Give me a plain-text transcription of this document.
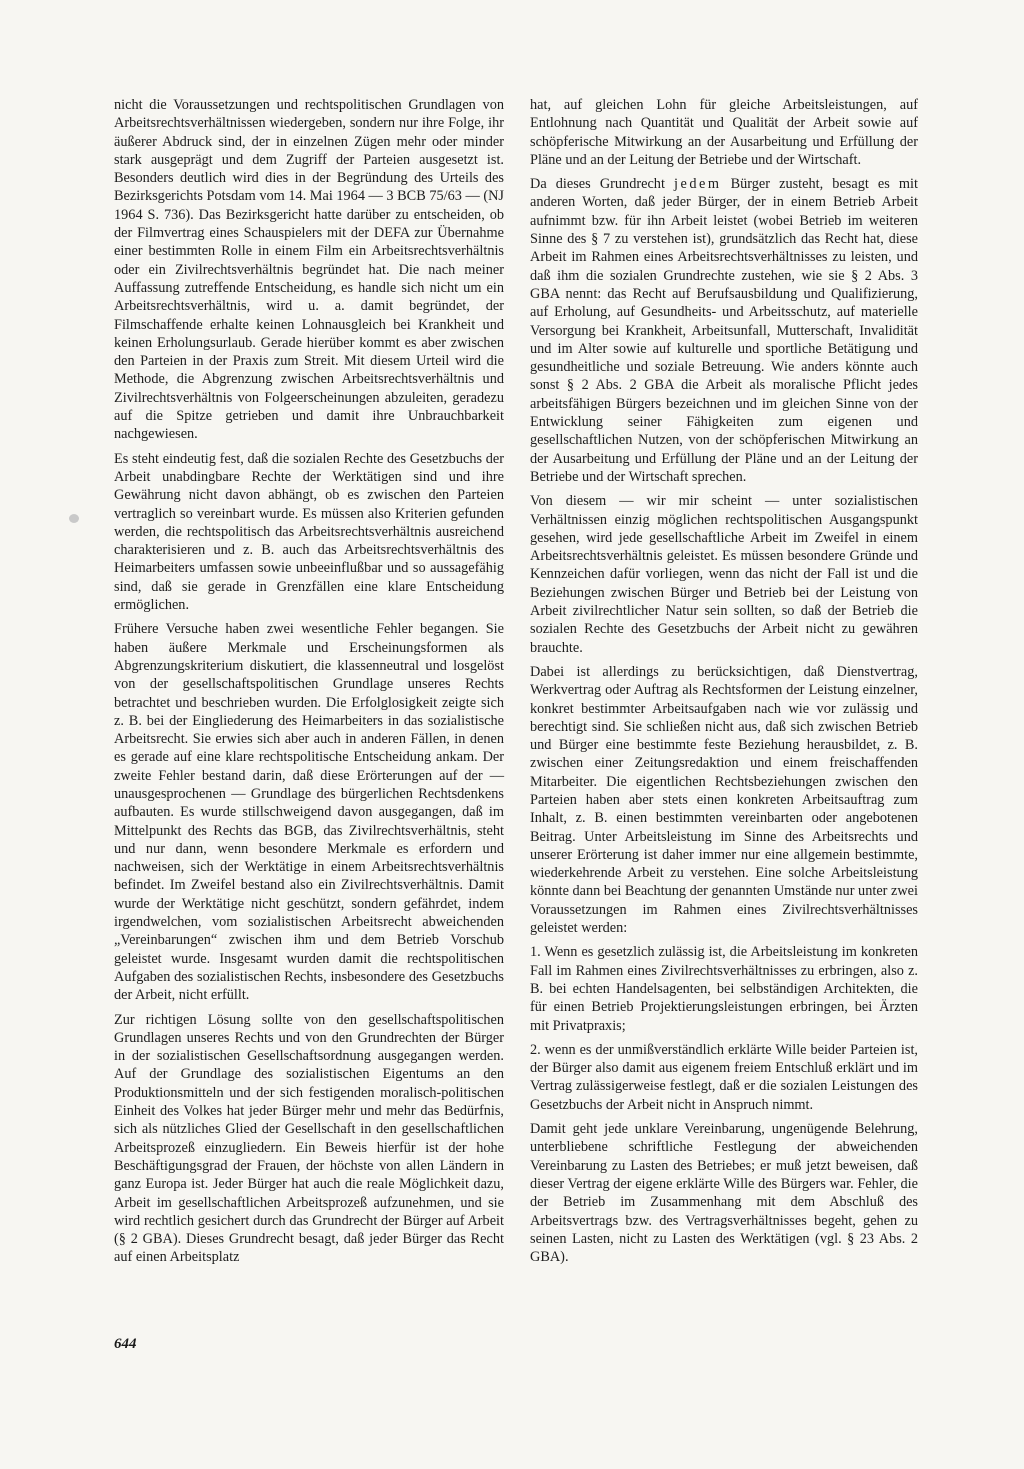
nicht die Voraussetzungen und rechtspolitischen Grundlagen von Arbeitsrechtsverhältnissen wiedergeben, sondern nur ihre Folge, ihr äußerer Abdruck sind, der in einzelnen Zügen mehr oder minder stark ausgeprägt und dem Zugriff der Parteien ausgesetzt ist. Besonders deutlich wird dies in der Begründung des Urteils des Bezirksgerichts Potsdam vom 14. Mai 1964 — 3 BCB 75/63 — (NJ 1964 S. 736). Das Bezirksgericht hatte darüber zu entscheiden, ob der Filmvertrag eines Schauspielers mit der DEFA zur Übernahme einer bestimmten Rolle in einem Film ein Arbeitsrechtsverhältnis oder ein Zivilrechtsverhältnis begründet hat. Die nach meiner Auffassung zutreffende Entscheidung, es handle sich nicht um ein Arbeitsrechtsverhältnis, wird u. a. damit begründet, der Filmschaffende erhalte keinen Lohnausgleich bei Krankheit und keinen Erholungsurlaub. Gerade hierüber kommt es aber zwischen den Parteien in der Praxis zum Streit. Mit diesem Urteil wird die Methode, die Abgrenzung zwischen Arbeitsrechtsverhältnis und Zivilrechtsverhältnis von Folgeerscheinungen abzuleiten, geradezu auf die Spitze getrieben und damit ihre Unbrauchbarkeit nachgewiesen.

Es steht eindeutig fest, daß die sozialen Rechte des Gesetzbuchs der Arbeit unabdingbare Rechte der Werktätigen sind und ihre Gewährung nicht davon abhängt, ob es zwischen den Parteien vertraglich so vereinbart wurde. Es müssen also Kriterien gefunden werden, die rechtspolitisch das Arbeitsrechtsverhältnis ausreichend charakterisieren und z. B. auch das Arbeitsrechtsverhältnis des Heimarbeiters umfassen sowie unbeeinflußbar und so aussagefähig sind, daß sie gerade in Grenzfällen eine klare Entscheidung ermöglichen.

Frühere Versuche haben zwei wesentliche Fehler begangen. Sie haben äußere Merkmale und Erscheinungsformen als Abgrenzungskriterium diskutiert, die klassenneutral und losgelöst von der gesellschaftspolitischen Grundlage unseres Rechts betrachtet und beschrieben wurden. Die Erfolglosigkeit zeigte sich z. B. bei der Eingliederung des Heimarbeiters in das sozialistische Arbeitsrecht. Sie erwies sich aber auch in anderen Fällen, in denen es gerade auf eine klare rechtspolitische Entscheidung ankam. Der zweite Fehler bestand darin, daß diese Erörterungen auf der — unausgesprochenen — Grundlage des bürgerlichen Rechtsdenkens aufbauten. Es wurde stillschweigend davon ausgegangen, daß im Mittelpunkt des Rechts das BGB, das Zivilrechtsverhältnis, steht und nur dann, wenn besondere Merkmale es erfordern und nachweisen, sich der Werktätige in einem Arbeitsrechtsverhältnis befindet. Im Zweifel bestand also ein Zivilrechtsverhältnis. Damit wurde der Werktätige nicht geschützt, sondern gefährdet, indem irgendwelchen, vom sozialistischen Arbeitsrecht abweichenden „Vereinbarungen“ zwischen ihm und dem Betrieb Vorschub geleistet wurde. Insgesamt wurden damit die rechtspolitischen Aufgaben des sozialistischen Rechts, insbesondere des Gesetzbuchs der Arbeit, nicht erfüllt.

Zur richtigen Lösung sollte von den gesellschaftspolitischen Grundlagen unseres Rechts und von den Grundrechten der Bürger in der sozialistischen Gesellschaftsordnung ausgegangen werden. Auf der Grundlage des sozialistischen Eigentums an den Produktionsmitteln und der sich festigenden moralisch-politischen Einheit des Volkes hat jeder Bürger mehr und mehr das Bedürfnis, sich als nützliches Glied der Gesellschaft in den gesellschaftlichen Arbeitsprozeß einzugliedern. Ein Beweis hierfür ist der hohe Beschäftigungsgrad der Frauen, der höchste von allen Ländern in ganz Europa ist. Jeder Bürger hat auch die reale Möglichkeit dazu, Arbeit im gesellschaftlichen Arbeitsprozeß aufzunehmen, und sie wird rechtlich gesichert durch das Grundrecht der Bürger auf Arbeit (§ 2 GBA). Dieses Grundrecht besagt, daß jeder Bürger das Recht auf einen Arbeitsplatz

hat, auf gleichen Lohn für gleiche Arbeitsleistungen, auf Entlohnung nach Quantität und Qualität der Arbeit sowie auf schöpferische Mitwirkung an der Ausarbeitung und Erfüllung der Pläne und an der Leitung der Betriebe und der Wirtschaft.

Da dieses Grundrecht jedem Bürger zusteht, besagt es mit anderen Worten, daß jeder Bürger, der in einem Betrieb Arbeit aufnimmt bzw. für ihn Arbeit leistet (wobei Betrieb im weiteren Sinne des § 7 zu verstehen ist), grundsätzlich das Recht hat, diese Arbeit im Rahmen eines Arbeitsrechtsverhältnisses zu leisten, und daß ihm die sozialen Grundrechte zustehen, wie sie § 2 Abs. 3 GBA nennt: das Recht auf Berufsausbildung und Qualifizierung, auf Erholung, auf Gesundheits- und Arbeitsschutz, auf materielle Versorgung bei Krankheit, Arbeitsunfall, Mutterschaft, Invalidität und im Alter sowie auf kulturelle und sportliche Betätigung und gesundheitliche und soziale Betreuung. Wie anders könnte auch sonst § 2 Abs. 2 GBA die Arbeit als moralische Pflicht jedes arbeitsfähigen Bürgers bezeichnen und im gleichen Sinne von der Entwicklung seiner Fähigkeiten zum eigenen und gesellschaftlichen Nutzen, von der schöpferischen Mitwirkung an der Ausarbeitung und Erfüllung der Pläne und an der Leitung der Betriebe und der Wirtschaft sprechen.

Von diesem — wir mir scheint — unter sozialistischen Verhältnissen einzig möglichen rechtspolitischen Ausgangspunkt gesehen, wird jede gesellschaftliche Arbeit im Zweifel in einem Arbeitsrechtsverhältnis geleistet. Es müssen besondere Gründe und Kennzeichen dafür vorliegen, wenn das nicht der Fall ist und die Beziehungen zwischen Bürger und Betrieb bei der Leistung von Arbeit zivilrechtlicher Natur sein sollten, so daß der Betrieb die sozialen Rechte des Gesetzbuchs der Arbeit nicht zu gewähren brauchte.

Dabei ist allerdings zu berücksichtigen, daß Dienstvertrag, Werkvertrag oder Auftrag als Rechtsformen der Leistung einzelner, konkret bestimmter Arbeitsaufgaben nach wie vor zulässig und berechtigt sind. Sie schließen nicht aus, daß sich zwischen Betrieb und Bürger eine bestimmte feste Beziehung herausbildet, z. B. zwischen einer Zeitungsredaktion und einem freischaffenden Mitarbeiter. Die eigentlichen Rechtsbeziehungen zwischen den Parteien haben aber stets einen konkreten Arbeitsauftrag zum Inhalt, z. B. einen bestimmten vereinbarten oder angebotenen Beitrag. Unter Arbeitsleistung im Sinne des Arbeitsrechts und unserer Erörterung ist daher immer nur eine allgemein bestimmte, wiederkehrende Arbeit zu verstehen. Eine solche Arbeitsleistung könnte dann bei Beachtung der genannten Umstände nur unter zwei Voraussetzungen im Rahmen eines Zivilrechtsverhältnisses geleistet werden:

1. Wenn es gesetzlich zulässig ist, die Arbeitsleistung im konkreten Fall im Rahmen eines Zivilrechtsverhältnisses zu erbringen, also z. B. bei echten Handelsagenten, bei selbständigen Architekten, die für einen Betrieb Projektierungsleistungen erbringen, bei Ärzten mit Privatpraxis;

2. wenn es der unmißverständlich erklärte Wille beider Parteien ist, der Bürger also damit aus eigenem freiem Entschluß erklärt und im Vertrag zulässigerweise festlegt, daß er die sozialen Leistungen des Gesetzbuchs der Arbeit nicht in Anspruch nimmt.

Damit geht jede unklare Vereinbarung, ungenügende Belehrung, unterbliebene schriftliche Festlegung der abweichenden Vereinbarung zu Lasten des Betriebes; er muß jetzt beweisen, daß dieser Vertrag der eigene erklärte Wille des Bürgers war. Fehler, die der Betrieb im Zusammenhang mit dem Abschluß des Arbeitsvertrags bzw. des Vertragsverhältnisses begeht, gehen zu seinen Lasten, nicht zu Lasten des Werktätigen (vgl. § 23 Abs. 2 GBA).

644
